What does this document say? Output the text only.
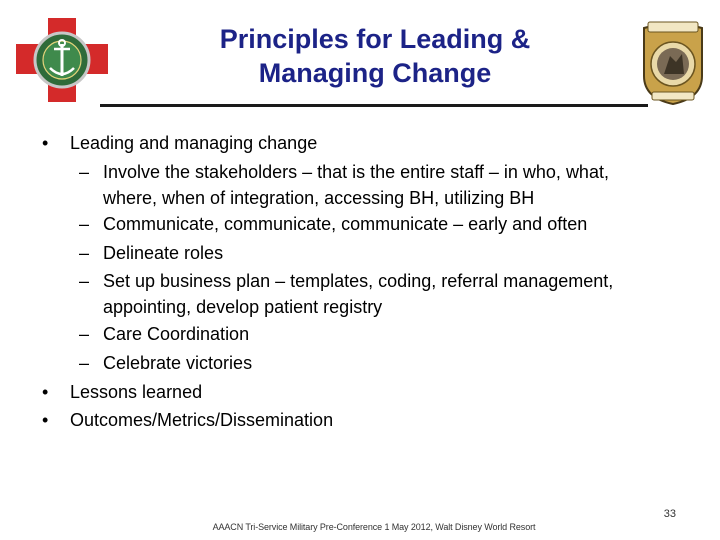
Principles for Leading &
Managing Change
• Leading and managing change
– Involve the stakeholders – that is the entire staff – in who, what,
where, when of integration, accessing BH, utilizing BH
– Communicate, communicate, communicate – early and often
– Delineate roles
– Set up business plan – templates, coding, referral management,
appointing, develop patient registry
– Care Coordination
– Celebrate victories
• Lessons learned
• Outcomes/Metrics/Dissemination
33
AAACN Tri-Service Military Pre-Conference 1 May 2012, Walt Disney World Resort
